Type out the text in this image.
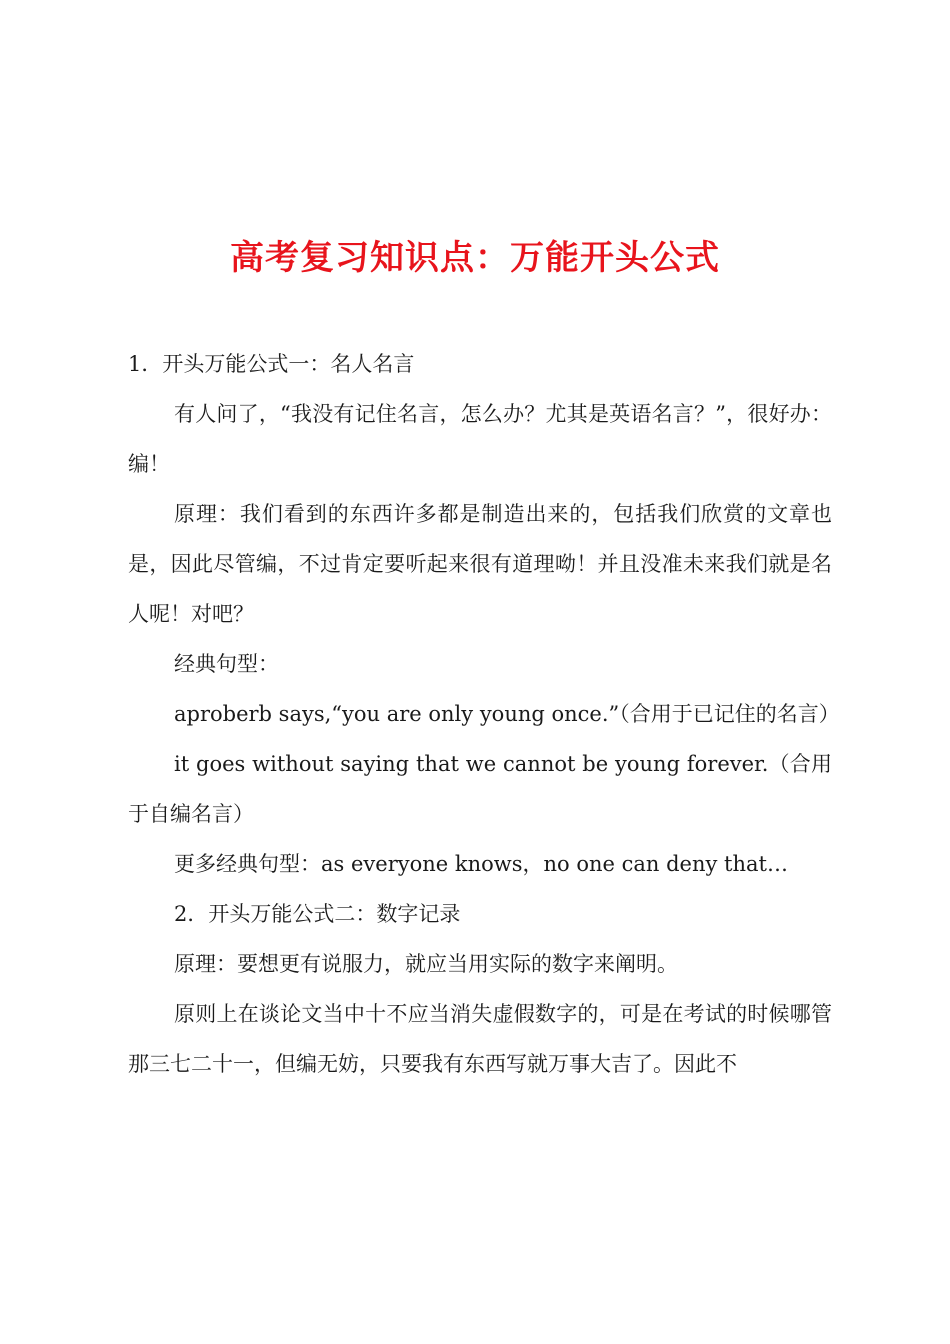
高考复习知识点：万能开头公式

1．开头万能公式一：名人名言

有人问了，“我没有记住名言，怎么办？尤其是英语名言？”，很好办：编！

原理：我们看到的东西许多都是制造出来的，包括我们欣赏的文章也是，因此尽管编，不过肯定要听起来很有道理呦！并且没准未来我们就是名人呢！对吧？

经典句型：

aproberb says,“you are only young once.”（合用于已记住的名言）

it goes without saying that we cannot be young forever.（合用于自编名言）

更多经典句型：as everyone knows，no one can deny that…

2．开头万能公式二：数字记录

原理：要想更有说服力，就应当用实际的数字来阐明。

原则上在谈论文当中十不应当消失虚假数字的，可是在考试的时候哪管那三七二十一，但编无妨，只要我有东西写就万事大吉了。因此不
